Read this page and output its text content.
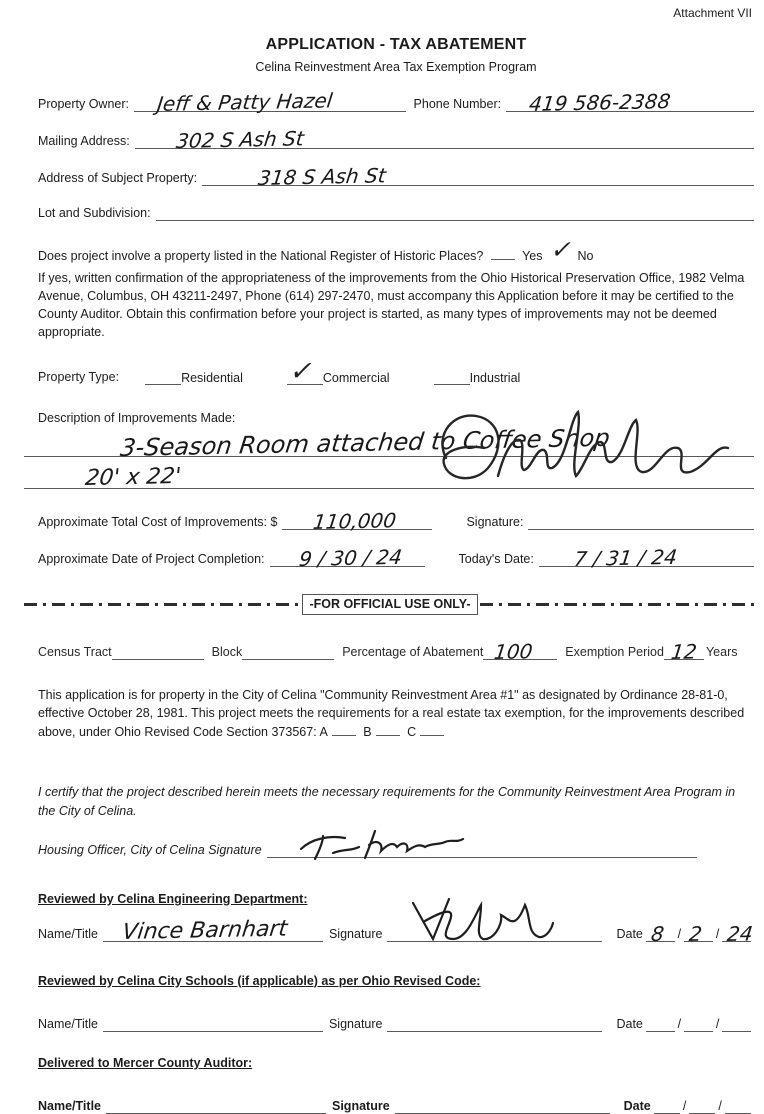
Attachment VII
APPLICATION - TAX ABATEMENT
Celina Reinvestment Area Tax Exemption Program
Property Owner: Jeff & Patty Hazel	Phone Number: 419 586-2388
Mailing Address: 302 S Ash St
Address of Subject Property:	318 S Ash St
Lot and Subdivision:
Does project involve a property listed in the National Register of Historic Places?	Yes ✓ No

If yes, written confirmation of the appropriateness of the improvements from the Ohio Historical Preservation Office, 1982 Velma Avenue, Columbus, OH 43211-2497, Phone (614) 297-2470, must accompany this Application before it may be certified to the County Auditor. Obtain this confirmation before your project is started, as many types of improvements may not be deemed appropriate.

Property Type:	Residential ✓ Commercial	Industrial
Description of Improvements Made:
3-Season Room attached to Coffee Shop
20' x 22'
Approximate Total Cost of Improvements: $ 110,000	Signature:
Approximate Date of Project Completion: 9 / 30 / 24	Today's Date: 7 / 31 / 24
-FOR OFFICIAL USE ONLY-
Census Tract	Block	Percentage of Abatement 100 Exemption Period 12 Years

This application is for property in the City of Celina "Community Reinvestment Area #1" as designated by Ordinance 28-81-0, effective October 28, 1981. This project meets the requirements for a real estate tax exemption, for the improvements described above, under Ohio Revised Code Section 373567: A	B	C

I certify that the project described herein meets the necessary requirements for the Community Reinvestment Area Program in the City of Celina.

Housing Officer, City of Celina Signature
Reviewed by Celina Engineering Department:
Name/Title Vince Barnhart	Signature	Date 8 / 2 / 24
Reviewed by Celina City Schools (if applicable) as per Ohio Revised Code:
Name/Title	Signature	Date	/	/
Delivered to Mercer County Auditor:
Name/Title	Signature	Date	/	/
